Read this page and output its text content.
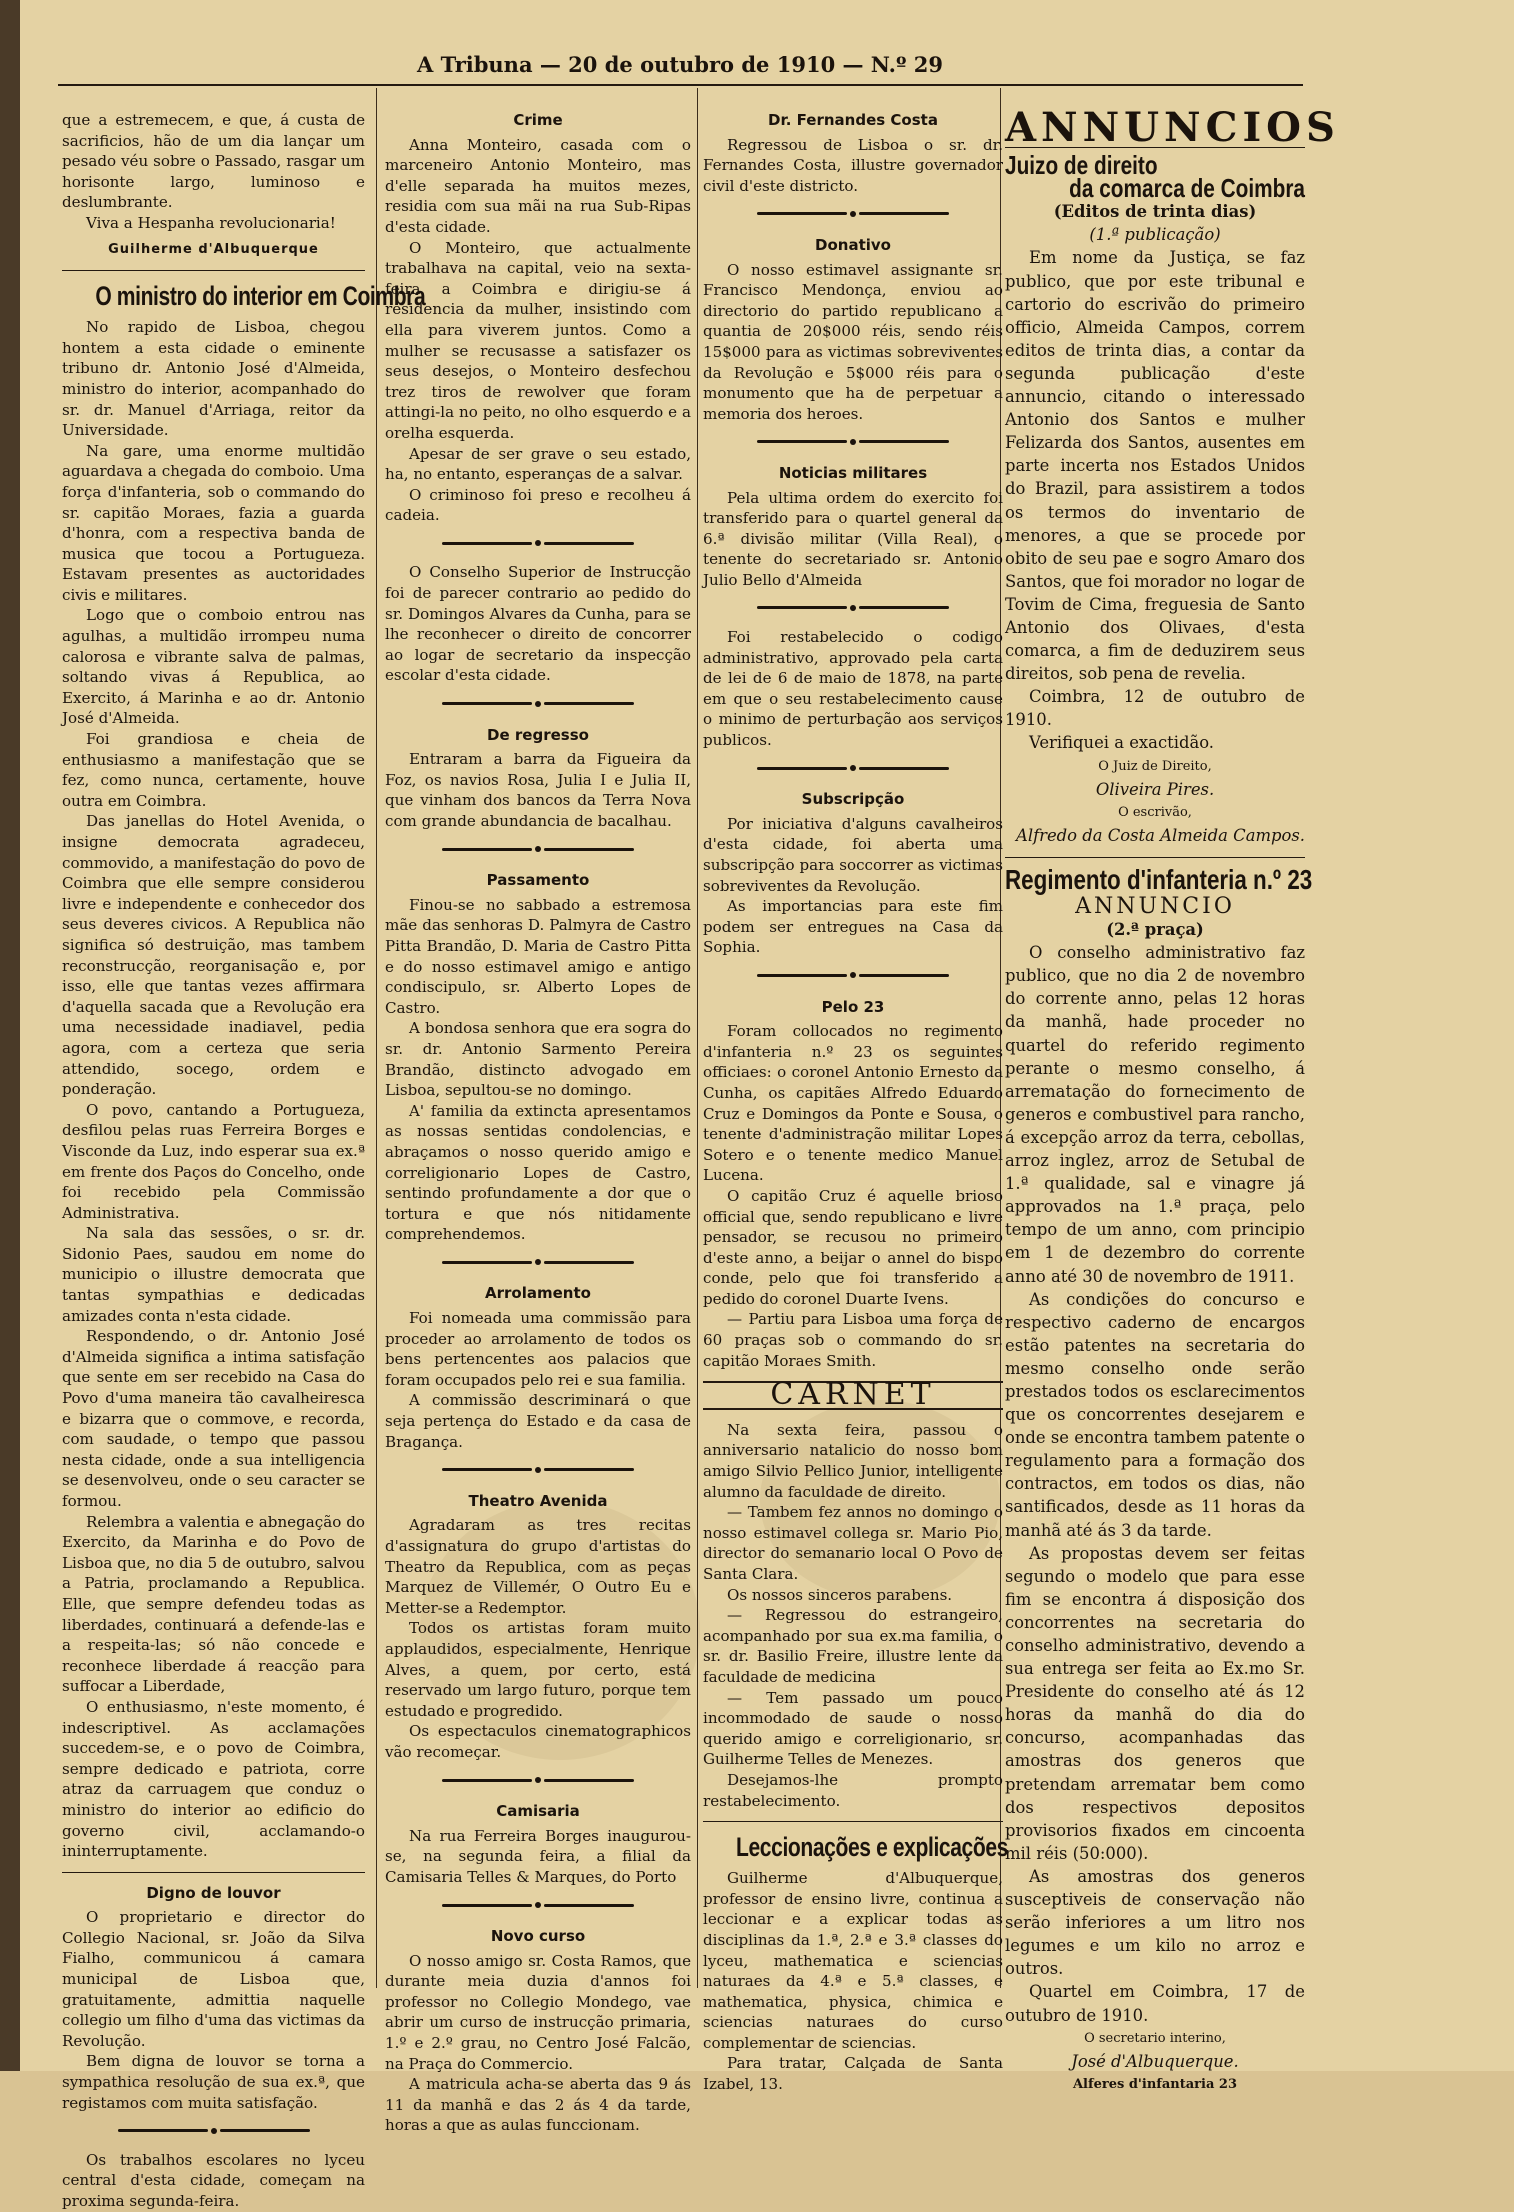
A Tribuna — 20 de outubro de 1910 — N.º 29

que a estremecem, e que, á custa de sacrificios, hão de um dia lançar um pesado véu sobre o Passado, rasgar um horisonte largo, luminoso e deslumbrante.

Viva a Hespanha revolucionaria!

Guilherme d'Albuquerque
O ministro do interior em Coimbra

No rapido de Lisboa, chegou hontem a esta cidade o eminente tribuno dr. Antonio José d'Almeida, ministro do interior, acompanhado do sr. dr. Manuel d'Arriaga, reitor da Universidade.

Na gare, uma enorme multidão aguardava a chegada do comboio. Uma força d'infanteria, sob o commando do sr. capitão Moraes, fazia a guarda d'honra, com a respectiva banda de musica que tocou a Portugueza. Estavam presentes as auctoridades civis e militares.

Logo que o comboio entrou nas agulhas, a multidão irrompeu numa calorosa e vibrante salva de palmas, soltando vivas á Republica, ao Exercito, á Marinha e ao dr. Antonio José d'Almeida.

Foi grandiosa e cheia de enthusiasmo a manifestação que se fez, como nunca, certamente, houve outra em Coimbra.

Das janellas do Hotel Avenida, o insigne democrata agradeceu, commovido, a manifestação do povo de Coimbra que elle sempre considerou livre e independente e conhecedor dos seus deveres civicos. A Republica não significa só destruição, mas tambem reconstrucção, reorganisação e, por isso, elle que tantas vezes affirmara d'aquella sacada que a Revolução era uma necessidade inadiavel, pedia agora, com a certeza que seria attendido, socego, ordem e ponderação.

O povo, cantando a Portugueza, desfilou pelas ruas Ferreira Borges e Visconde da Luz, indo esperar sua ex.ª em frente dos Paços do Concelho, onde foi recebido pela Commissão Administrativa.

Na sala das sessões, o sr. dr. Sidonio Paes, saudou em nome do municipio o illustre democrata que tantas sympathias e dedicadas amizades conta n'esta cidade.

Respondendo, o dr. Antonio José d'Almeida significa a intima satisfação que sente em ser recebido na Casa do Povo d'uma maneira tão cavalheiresca e bizarra que o commove, e recorda, com saudade, o tempo que passou nesta cidade, onde a sua intelligencia se desenvolveu, onde o seu caracter se formou.

Relembra a valentia e abnegação do Exercito, da Marinha e do Povo de Lisboa que, no dia 5 de outubro, salvou a Patria, proclamando a Republica. Elle, que sempre defendeu todas as liberdades, continuará a defende-las e a respeita-las; só não concede e reconhece liberdade á reacção para suffocar a Liberdade,

O enthusiasmo, n'este momento, é indescriptivel. As acclamações succedem-se, e o povo de Coimbra, sempre dedicado e patriota, corre atraz da carruagem que conduz o ministro do interior ao edificio do governo civil, acclamando-o ininterruptamente.

Digno de louvor

O proprietario e director do Collegio Nacional, sr. João da Silva Fialho, communicou á camara municipal de Lisboa que, gratuitamente, admittia naquelle collegio um filho d'uma das victimas da Revolução.

Bem digna de louvor se torna a sympathica resolução de sua ex.ª, que registamos com muita satisfação.

Os trabalhos escolares no lyceu central d'esta cidade, começam na proxima segunda-feira.

Crime

Anna Monteiro, casada com o marceneiro Antonio Monteiro, mas d'elle separada ha muitos mezes, residia com sua mãi na rua Sub-Ripas d'esta cidade.

O Monteiro, que actualmente trabalhava na capital, veio na sexta-feira a Coimbra e dirigiu-se á residencia da mulher, insistindo com ella para viverem juntos. Como a mulher se recusasse a satisfazer os seus desejos, o Monteiro desfechou trez tiros de rewolver que foram attingi-la no peito, no olho esquerdo e a orelha esquerda.

Apesar de ser grave o seu estado, ha, no entanto, esperanças de a salvar.

O criminoso foi preso e recolheu á cadeia.

O Conselho Superior de Instrucção foi de parecer contrario ao pedido do sr. Domingos Alvares da Cunha, para se lhe reconhecer o direito de concorrer ao logar de secretario da inspecção escolar d'esta cidade.

De regresso

Entraram a barra da Figueira da Foz, os navios Rosa, Julia I e Julia II, que vinham dos bancos da Terra Nova com grande abundancia de bacalhau.

Passamento

Finou-se no sabbado a estremosa mãe das senhoras D. Palmyra de Castro Pitta Brandão, D. Maria de Castro Pitta e do nosso estimavel amigo e antigo condiscipulo, sr. Alberto Lopes de Castro.

A bondosa senhora que era sogra do sr. dr. Antonio Sarmento Pereira Brandão, distincto advogado em Lisboa, sepultou-se no domingo.

A' familia da extincta apresentamos as nossas sentidas condolencias, e abraçamos o nosso querido amigo e correligionario Lopes de Castro, sentindo profundamente a dor que o tortura e que nós nitidamente comprehendemos.

Arrolamento

Foi nomeada uma commissão para proceder ao arrolamento de todos os bens pertencentes aos palacios que foram occupados pelo rei e sua familia.

A commissão descriminará o que seja pertença do Estado e da casa de Bragança.

Theatro Avenida

Agradaram as tres recitas d'assignatura do grupo d'artistas do Theatro da Republica, com as peças Marquez de Villemér, O Outro Eu e Metter-se a Redemptor.

Todos os artistas foram muito applaudidos, especialmente, Henrique Alves, a quem, por certo, está reservado um largo futuro, porque tem estudado e progredido.

Os espectaculos cinematographicos vão recomeçar.

Camisaria

Na rua Ferreira Borges inaugurou-se, na segunda feira, a filial da Camisaria Telles & Marques, do Porto

Novo curso

O nosso amigo sr. Costa Ramos, que durante meia duzia d'annos foi professor no Collegio Mondego, vae abrir um curso de instrucção primaria, 1.º e 2.º grau, no Centro José Falcão, na Praça do Commercio.

A matricula acha-se aberta das 9 ás 11 da manhã e das 2 ás 4 da tarde, horas a que as aulas funccionam.

Dr. Fernandes Costa

Regressou de Lisboa o sr. dr. Fernandes Costa, illustre governador civil d'este districto.

Donativo

O nosso estimavel assignante sr. Francisco Mendonça, enviou ao directorio do partido republicano a quantia de 20$000 réis, sendo réis 15$000 para as victimas sobreviventes da Revolução e 5$000 réis para o monumento que ha de perpetuar a memoria dos heroes.

Noticias militares

Pela ultima ordem do exercito foi transferido para o quartel general da 6.ª divisão militar (Villa Real), o tenente do secretariado sr. Antonio Julio Bello d'Almeida

Foi restabelecido o codigo administrativo, approvado pela carta de lei de 6 de maio de 1878, na parte em que o seu restabelecimento cause o minimo de perturbação aos serviços publicos.

Subscripção

Por iniciativa d'alguns cavalheiros d'esta cidade, foi aberta uma subscripção para soccorrer as victimas sobreviventes da Revolução.

As importancias para este fim podem ser entregues na Casa da Sophia.

Pelo 23

Foram collocados no regimento d'infanteria n.º 23 os seguintes officiaes: o coronel Antonio Ernesto da Cunha, os capitães Alfredo Eduardo Cruz e Domingos da Ponte e Sousa, o tenente d'administração militar Lopes Sotero e o tenente medico Manuel Lucena.

O capitão Cruz é aquelle brioso official que, sendo republicano e livre pensador, se recusou no primeiro d'este anno, a beijar o annel do bispo conde, pelo que foi transferido a pedido do coronel Duarte Ivens.

— Partiu para Lisboa uma força de 60 praças sob o commando do sr. capitão Moraes Smith.

CARNET

Na sexta feira, passou o anniversario natalicio do nosso bom amigo Silvio Pellico Junior, intelligente alumno da faculdade de direito.

— Tambem fez annos no domingo o nosso estimavel collega sr. Mario Pio, director do semanario local O Povo de Santa Clara.

Os nossos sinceros parabens.

— Regressou do estrangeiro, acompanhado por sua ex.ma familia, o sr. dr. Basilio Freire, illustre lente da faculdade de medicina

— Tem passado um pouco incommodado de saude o nosso querido amigo e correligionario, sr. Guilherme Telles de Menezes.

Desejamos-lhe prompto restabelecimento.

Leccionações e explicações

Guilherme d'Albuquerque, professor de ensino livre, continua a leccionar e a explicar todas as disciplinas da 1.ª, 2.ª e 3.ª classes do lyceu, mathematica e sciencias naturaes da 4.ª e 5.ª classes, e mathematica, physica, chimica e sciencias naturaes do curso complementar de sciencias.

Para tratar, Calçada de Santa Izabel, 13.

ANNUNCIOS
Juizo de direito
da comarca de Coimbra

(Editos de trinta dias)

(1.ª publicação)

Em nome da Justiça, se faz publico, que por este tribunal e cartorio do escrivão do primeiro officio, Almeida Campos, correm editos de trinta dias, a contar da segunda publicação d'este annuncio, citando o interessado Antonio dos Santos e mulher Felizarda dos Santos, ausentes em parte incerta nos Estados Unidos do Brazil, para assistirem a todos os termos do inventario de menores, a que se procede por obito de seu pae e sogro Amaro dos Santos, que foi morador no logar de Tovim de Cima, freguesia de Santo Antonio dos Olivaes, d'esta comarca, a fim de deduzirem seus direitos, sob pena de revelia.

Coimbra, 12 de outubro de 1910.

Verifiquei a exactidão.

O Juiz de Direito,

Oliveira Pires.

O escrivão,

Alfredo da Costa Almeida Campos.

Regimento d'infanteria n.º 23

ANNUNCIO

(2.ª praça)

O conselho administrativo faz publico, que no dia 2 de novembro do corrente anno, pelas 12 horas da manhã, hade proceder no quartel do referido regimento perante o mesmo conselho, á arrematação do fornecimento de generos e combustivel para rancho, á excepção arroz da terra, cebollas, arroz inglez, arroz de Setubal de 1.ª qualidade, sal e vinagre já approvados na 1.ª praça, pelo tempo de um anno, com principio em 1 de dezembro do corrente anno até 30 de novembro de 1911.

As condições do concurso e respectivo caderno de encargos estão patentes na secretaria do mesmo conselho onde serão prestados todos os esclarecimentos que os concorrentes desejarem e onde se encontra tambem patente o regulamento para a formação dos contractos, em todos os dias, não santificados, desde as 11 horas da manhã até ás 3 da tarde.

As propostas devem ser feitas segundo o modelo que para esse fim se encontra á disposição dos concorrentes na secretaria do conselho administrativo, devendo a sua entrega ser feita ao Ex.mo Sr. Presidente do conselho até ás 12 horas da manhã do dia do concurso, acompanhadas das amostras dos generos que pretendam arrematar bem como dos respectivos depositos provisorios fixados em cincoenta mil réis (50:000).

As amostras dos generos susceptiveis de conservação não serão inferiores a um litro nos legumes e um kilo no arroz e outros.

Quartel em Coimbra, 17 de outubro de 1910.

O secretario interino,

José d'Albuquerque.

Alferes d'infantaria 23
